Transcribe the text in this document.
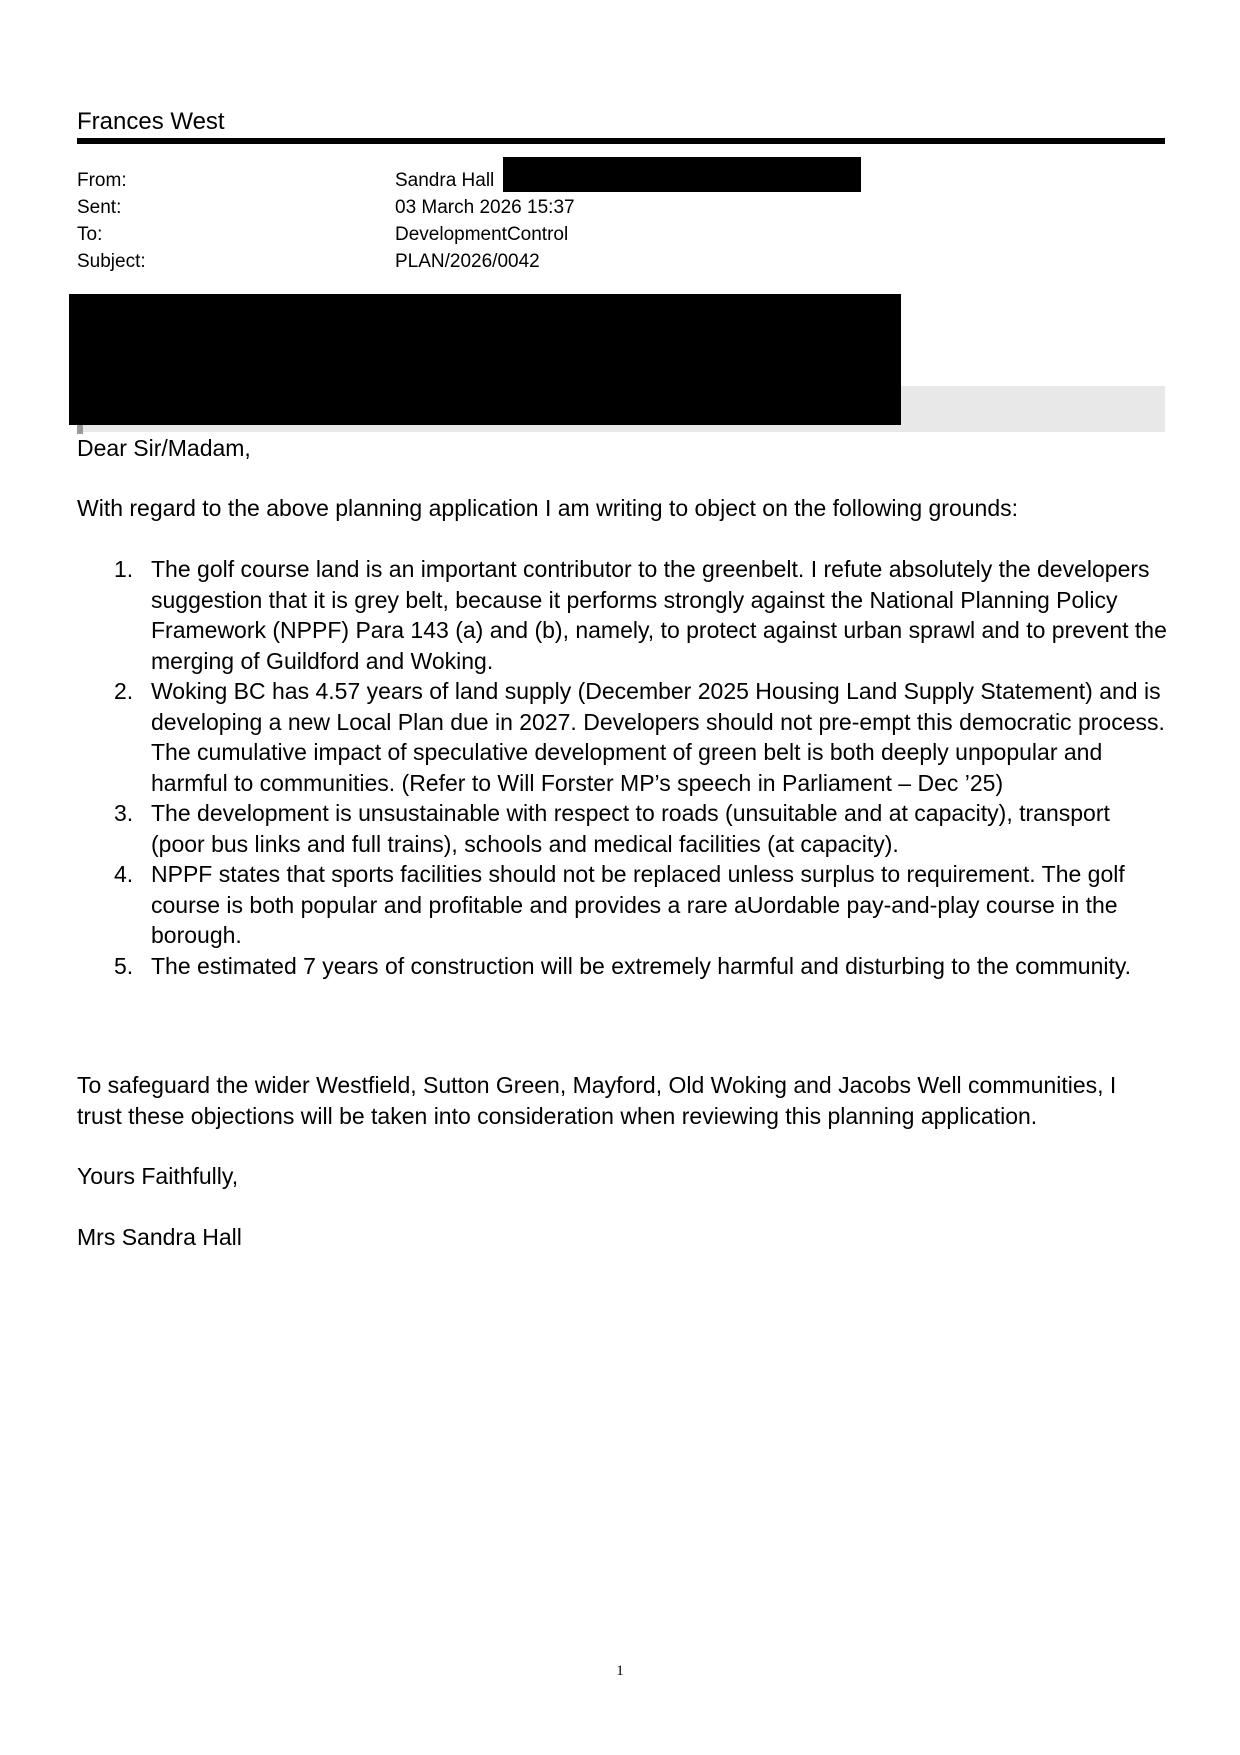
Frances West
From:	Sandra Hall
Sent:	03 March 2026 15:37
To:	DevelopmentControl
Subject:	PLAN/2026/0042
Dear Sir/Madam,
With regard to the above planning application I am writing to object on the following grounds:
1. The golf course land is an important contributor to the greenbelt. I refute absolutely the developers suggestion that it is grey belt, because it performs strongly against the National Planning Policy Framework (NPPF) Para 143 (a) and (b), namely, to protect against urban sprawl and to prevent the merging of Guildford and Woking.
2. Woking BC has 4.57 years of land supply (December 2025 Housing Land Supply Statement) and is developing a new Local Plan due in 2027. Developers should not pre-empt this democratic process. The cumulative impact of speculative development of green belt is both deeply unpopular and harmful to communities. (Refer to Will Forster MP’s speech in Parliament – Dec ’25)
3. The development is unsustainable with respect to roads (unsuitable and at capacity), transport (poor bus links and full trains), schools and medical facilities (at capacity).
4. NPPF states that sports facilities should not be replaced unless surplus to requirement. The golf course is both popular and profitable and provides a rare aUordable pay-and-play course in the borough.
5. The estimated 7 years of construction will be extremely harmful and disturbing to the community.
To safeguard the wider Westfield, Sutton Green, Mayford, Old Woking and Jacobs Well communities, I trust these objections will be taken into consideration when reviewing this planning application.
Yours Faithfully,
Mrs Sandra Hall
1
